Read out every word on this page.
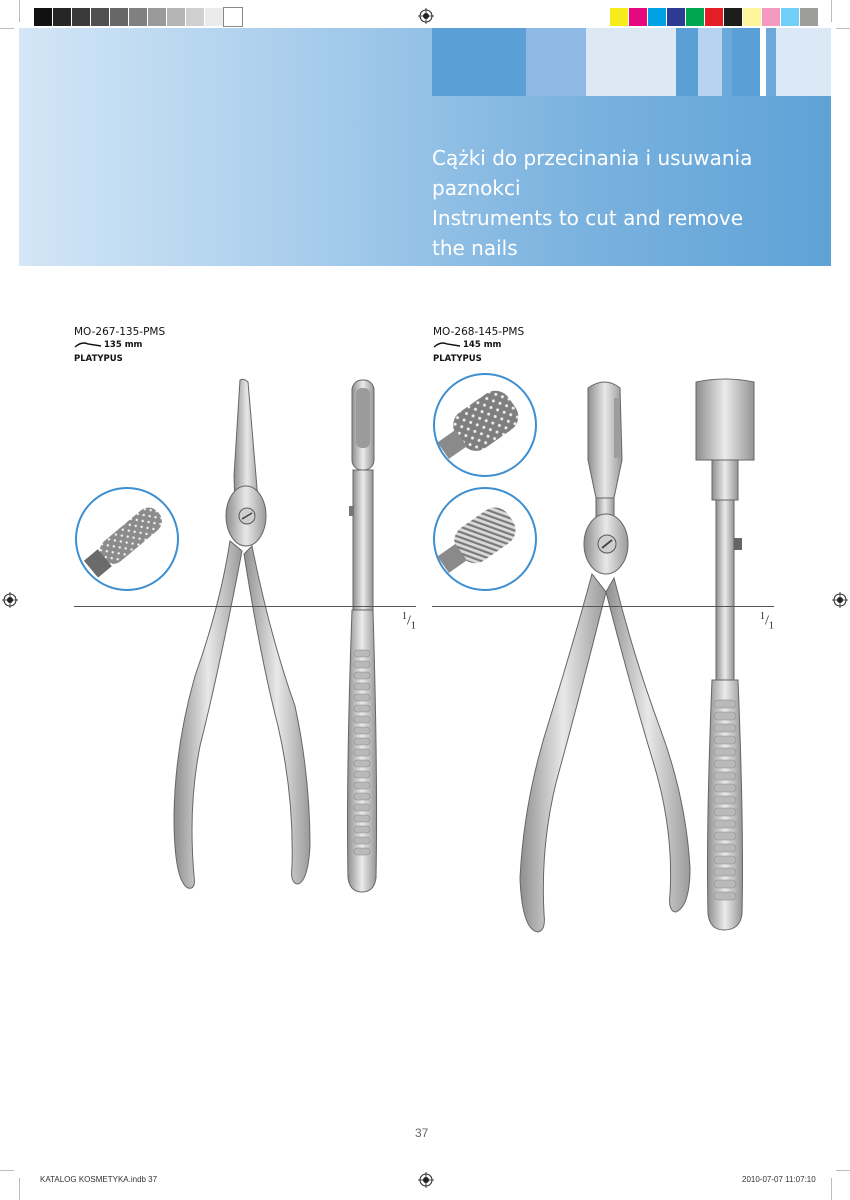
Cążki do przecinania i usuwania
paznokci
Instruments to cut and remove
the nails
MO-267-135-PMS
135 mm
PLATYPUS
$^1/_1$
MO-268-145-PMS
145 mm
PLATYPUS
$^1/_1$
37
KATALOG KOSMETYKA.indb 37	2010-07-07 11:07:10
